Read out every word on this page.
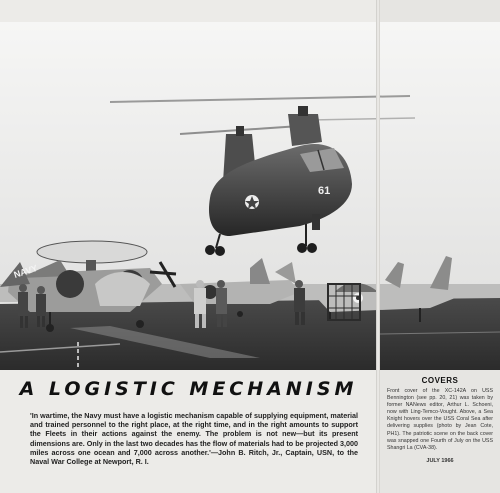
NAVY
61
A LOGISTIC MECHANISM

'In wartime, the Navy must have a logistic mechanism capable of supplying equipment, material and trained personnel to the right place, at the right time, and in the right amounts to support the Fleets in their actions against the enemy. The problem is not new—but its present dimensions are. Only in the last two decades has the flow of materials had to be projected 3,000 miles across one ocean and 7,000 across another.'—John B. Ritch, Jr., Captain, USN, to the Naval War College at Newport, R. I.

COVERS

Front cover of the XC-142A on USS Bennington (see pp. 20, 21) was taken by former NANews editor, Arthur L. Schoeni, now with Ling-Temco-Vought. Above, a Sea Knight hovers over the USS Coral Sea after delivering supplies (photo by Jean Cote, PH1). The patriotic scene on the back cover was snapped one Fourth of July on the USS Shangri La (CVA-38).

JULY 1966
